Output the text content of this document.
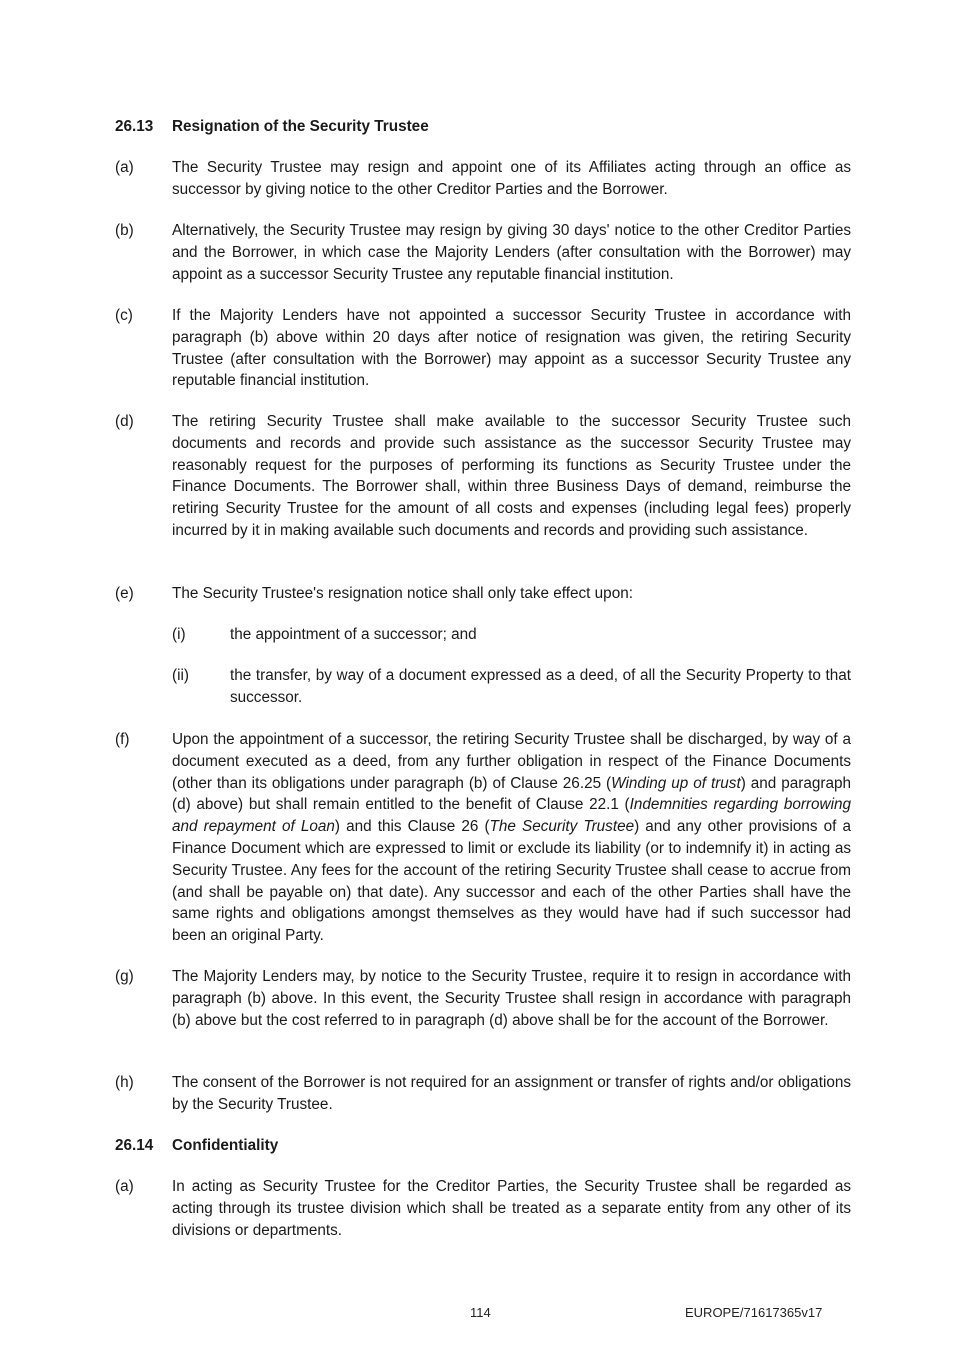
26.13 Resignation of the Security Trustee
(a)	The Security Trustee may resign and appoint one of its Affiliates acting through an office as successor by giving notice to the other Creditor Parties and the Borrower.
(b)	Alternatively, the Security Trustee may resign by giving 30 days' notice to the other Creditor Parties and the Borrower, in which case the Majority Lenders (after consultation with the Borrower) may appoint as a successor Security Trustee any reputable financial institution.
(c)	If the Majority Lenders have not appointed a successor Security Trustee in accordance with paragraph (b) above within 20 days after notice of resignation was given, the retiring Security Trustee (after consultation with the Borrower) may appoint as a successor Security Trustee any reputable financial institution.
(d)	The retiring Security Trustee shall make available to the successor Security Trustee such documents and records and provide such assistance as the successor Security Trustee may reasonably request for the purposes of performing its functions as Security Trustee under the Finance Documents. The Borrower shall, within three Business Days of demand, reimburse the retiring Security Trustee for the amount of all costs and expenses (including legal fees) properly incurred by it in making available such documents and records and providing such assistance.
(e)	The Security Trustee's resignation notice shall only take effect upon:
(i)	the appointment of a successor; and
(ii)	the transfer, by way of a document expressed as a deed, of all the Security Property to that successor.
(f)	Upon the appointment of a successor, the retiring Security Trustee shall be discharged, by way of a document executed as a deed, from any further obligation in respect of the Finance Documents (other than its obligations under paragraph (b) of Clause 26.25 (Winding up of trust) and paragraph (d) above) but shall remain entitled to the benefit of Clause 22.1 (Indemnities regarding borrowing and repayment of Loan) and this Clause 26 (The Security Trustee) and any other provisions of a Finance Document which are expressed to limit or exclude its liability (or to indemnify it) in acting as Security Trustee. Any fees for the account of the retiring Security Trustee shall cease to accrue from (and shall be payable on) that date). Any successor and each of the other Parties shall have the same rights and obligations amongst themselves as they would have had if such successor had been an original Party.
(g)	The Majority Lenders may, by notice to the Security Trustee, require it to resign in accordance with paragraph (b) above. In this event, the Security Trustee shall resign in accordance with paragraph (b) above but the cost referred to in paragraph (d) above shall be for the account of the Borrower.
(h)	The consent of the Borrower is not required for an assignment or transfer of rights and/or obligations by the Security Trustee.
26.14 Confidentiality
(a)	In acting as Security Trustee for the Creditor Parties, the Security Trustee shall be regarded as acting through its trustee division which shall be treated as a separate entity from any other of its divisions or departments.
114	EUROPE/71617365v17
